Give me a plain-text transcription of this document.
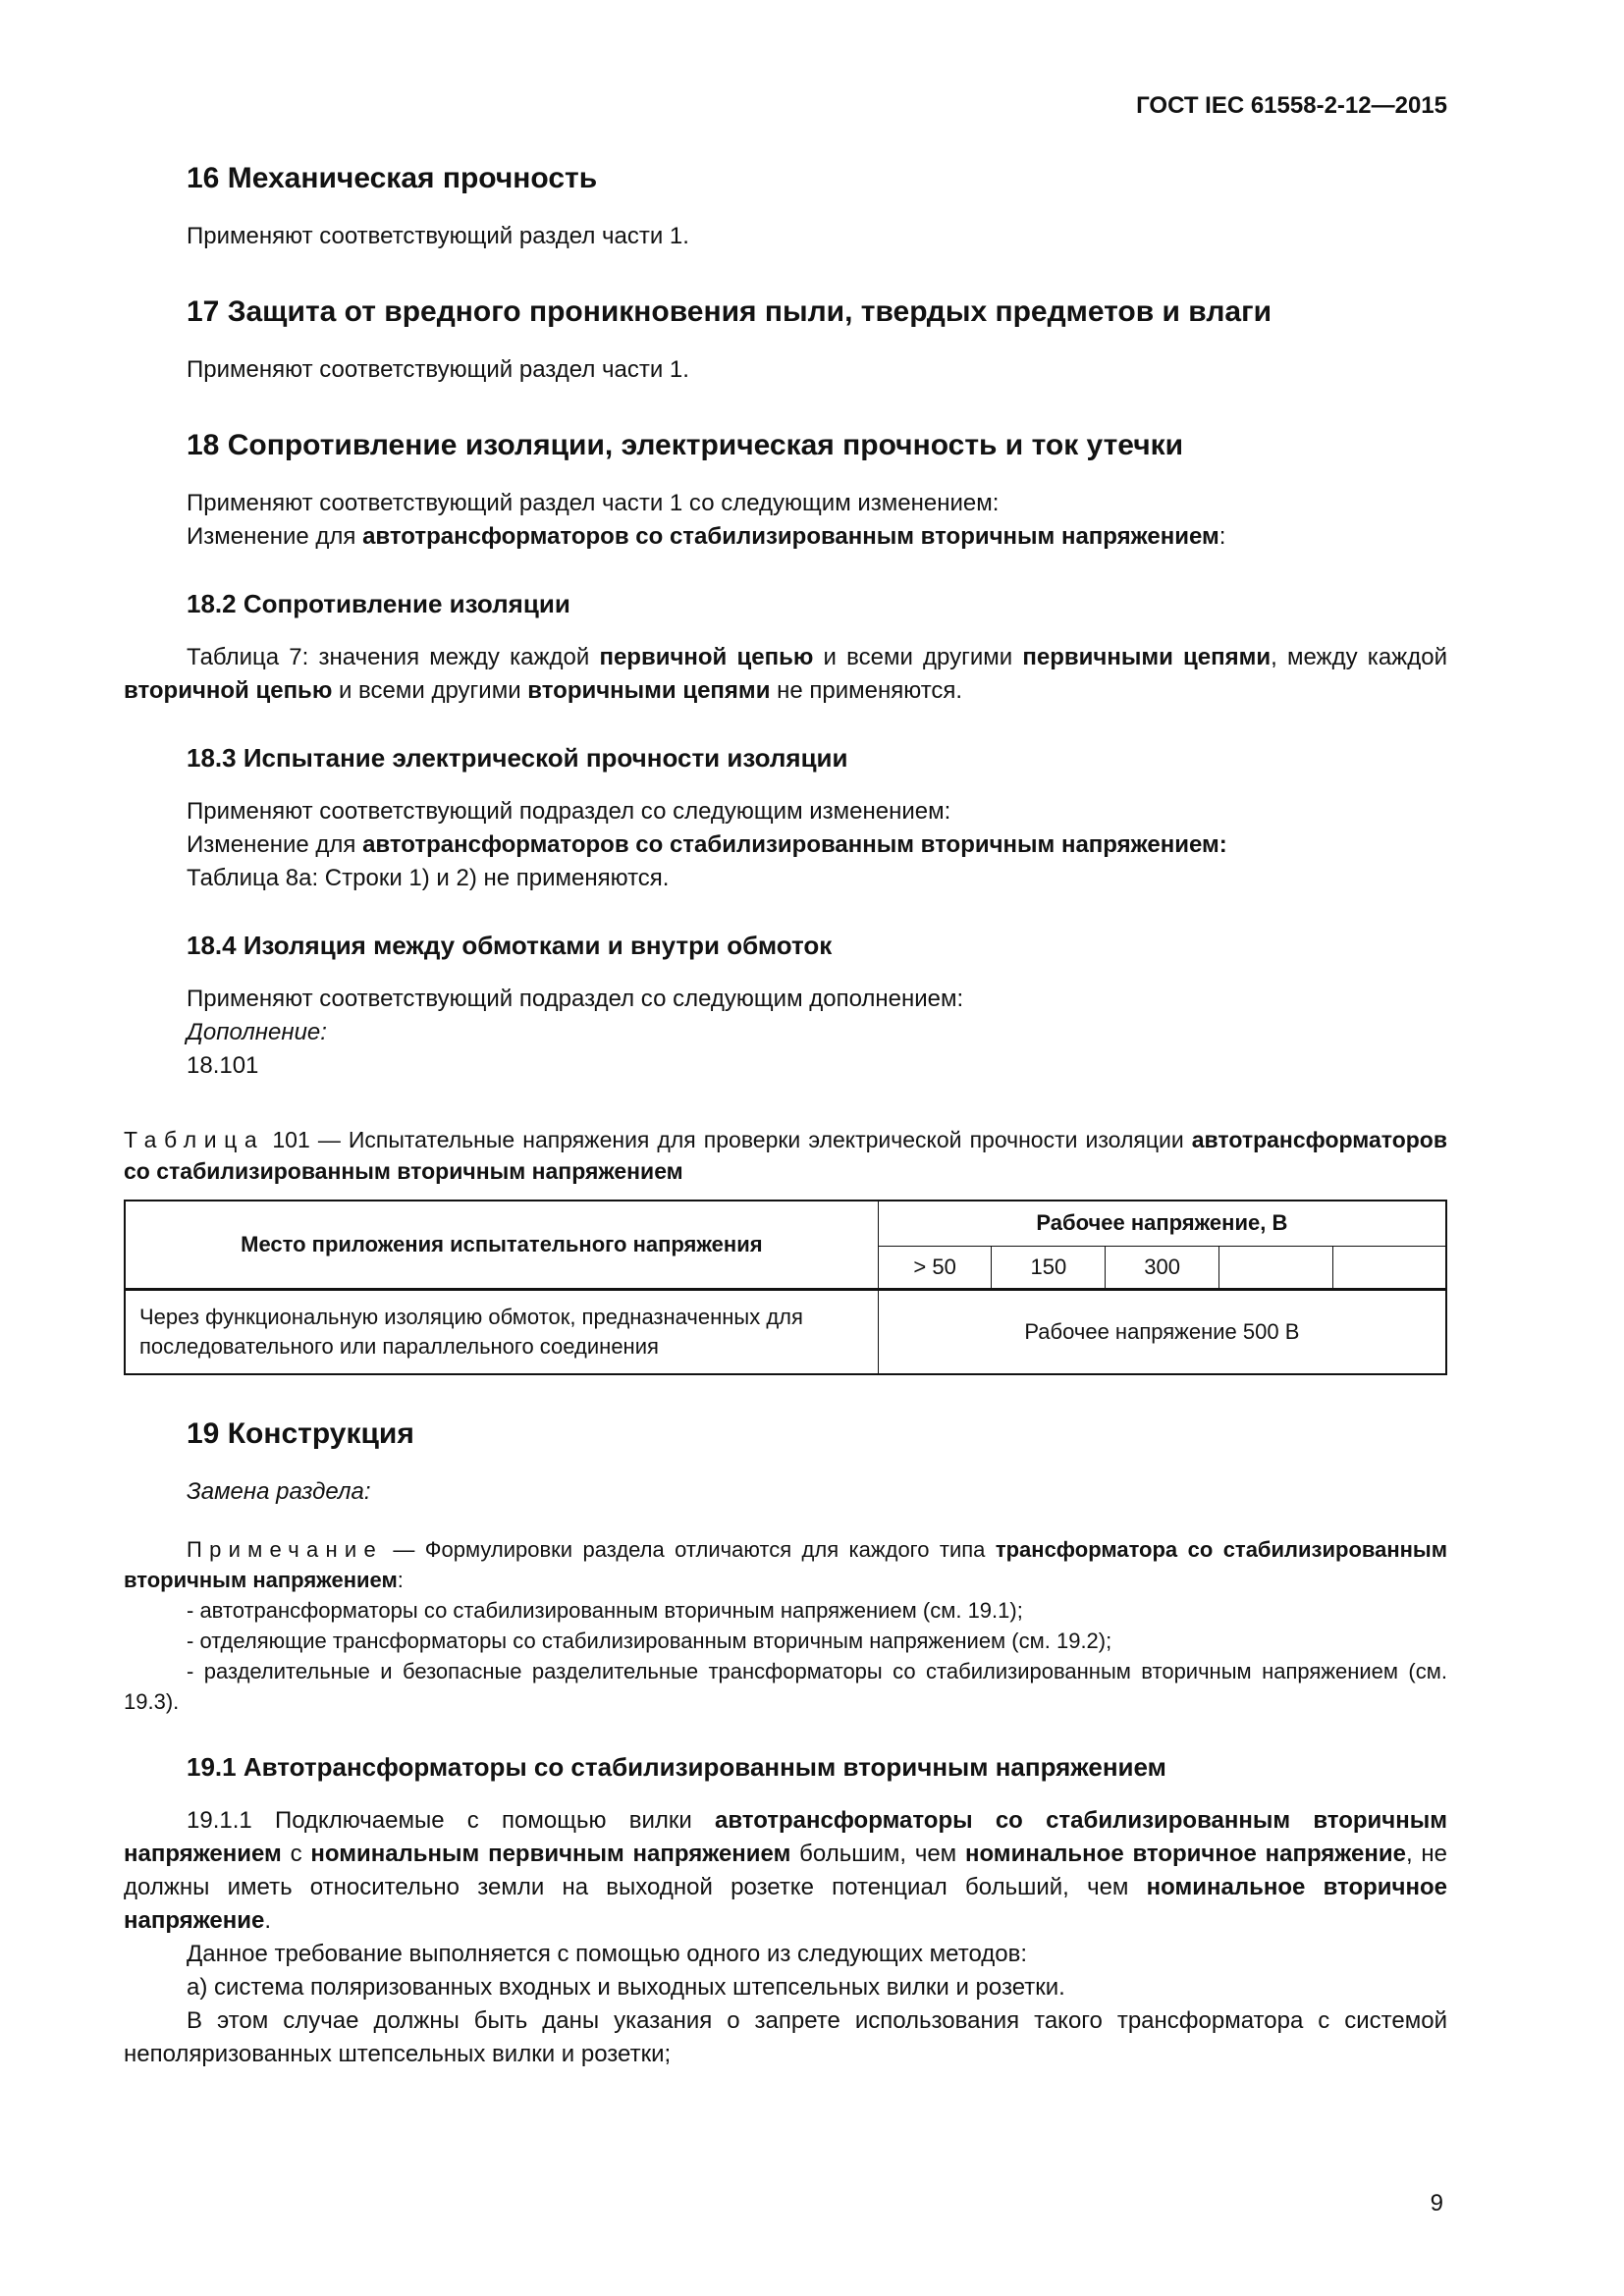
ГОСТ IEC 61558-2-12—2015
16 Механическая прочность

Применяют соответствующий раздел части 1.

17 Защита от вредного проникновения пыли, твердых предметов и влаги

Применяют соответствующий раздел части 1.

18 Сопротивление изоляции, электрическая прочность и ток утечки

Применяют соответствующий раздел части 1 со следующим изменением:

Изменение для автотрансформаторов со стабилизированным вторичным напряжением:

18.2 Сопротивление изоляции

Таблица 7: значения между каждой первичной цепью и всеми другими первичными цепями, между каждой вторичной цепью и всеми другими вторичными цепями не применяются.

18.3 Испытание электрической прочности изоляции

Применяют соответствующий подраздел со следующим изменением:

Изменение для автотрансформаторов со стабилизированным вторичным напряжением:

Таблица 8а: Строки 1) и 2) не применяются.

18.4 Изоляция между обмотками и внутри обмоток

Применяют соответствующий подраздел со следующим дополнением:

Дополнение:

18.101

Таблица 101 — Испытательные напряжения для проверки электрической прочности изоляции автотрансформаторов со стабилизированным вторичным напряжением

Место приложения испытательного напряжения	Рабочее напряжение, В				
	> 50	150	300		
Через функциональную изоляцию обмоток, предназначенных для последовательного или параллельного соединения	Рабочее напряжение 500 В				
19 Конструкция

Замена раздела:

Примечание — Формулировки раздела отличаются для каждого типа трансформатора со стабилизированным вторичным напряжением:

- автотрансформаторы со стабилизированным вторичным напряжением (см. 19.1);

- отделяющие трансформаторы со стабилизированным вторичным напряжением (см. 19.2);

- разделительные и безопасные разделительные трансформаторы со стабилизированным вторичным напряжением (см. 19.3).

19.1 Автотрансформаторы со стабилизированным вторичным напряжением

19.1.1 Подключаемые с помощью вилки автотрансформаторы со стабилизированным вторичным напряжением с номинальным первичным напряжением большим, чем номинальное вторичное напряжение, не должны иметь относительно земли на выходной розетке потенциал больший, чем номинальное вторичное напряжение.

Данное требование выполняется с помощью одного из следующих методов:

а) система поляризованных входных и выходных штепсельных вилки и розетки.

В этом случае должны быть даны указания о запрете использования такого трансформатора с системой неполяризованных штепсельных вилки и розетки;

9
